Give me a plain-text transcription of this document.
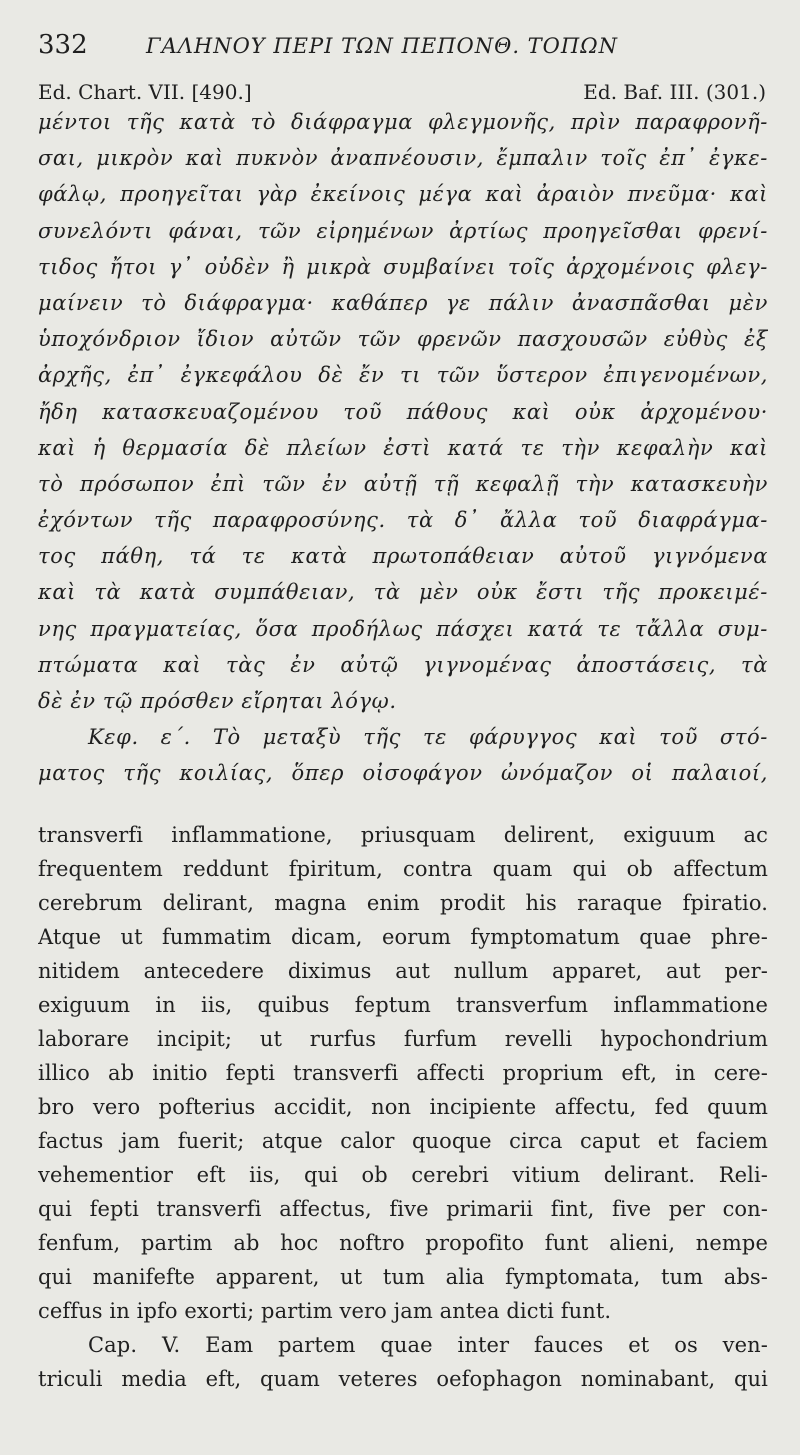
332	ΓΑΛΗΝΟΥ ΠΕΡΙ ΤΩΝ ΠΕΠΟΝΘ. ΤΟΠΩΝ
Ed. Chart. VII. [490.]	Ed. Baf. III. (301.)
μέντοι τῆς κατὰ τὸ διάφραγμα φλεγμονῆς, πρὶν παραφρονῆ-
σαι, μικρὸν καὶ πυκνὸν ἀναπνέουσιν, ἔμπαλιν τοῖς ἐπ᾽ ἐγκε-
φάλῳ, προηγεῖται γὰρ ἐκείνοις μέγα καὶ ἀραιὸν πνεῦμα· καὶ
συνελόντι φάναι, τῶν εἰρημένων ἀρτίως προηγεῖσθαι φρενί-
τιδος ἤτοι γ᾽ οὐδὲν ἢ μικρὰ συμβαίνει τοῖς ἀρχομένοις φλεγ-
μαίνειν τὸ διάφραγμα· καθάπερ γε πάλιν ἀνασπᾶσθαι μὲν
ὑποχόνδριον ἴδιον αὐτῶν τῶν φρενῶν πασχουσῶν εὐθὺς ἐξ
ἀρχῆς, ἐπ᾽ ἐγκεφάλου δὲ ἔν τι τῶν ὕστερον ἐπιγενομένων,
ἤδη κατασκευαζομένου τοῦ πάθους καὶ οὐκ ἀρχομένου·
καὶ ἡ θερμασία δὲ πλείων ἐστὶ κατά τε τὴν κεφαλὴν καὶ
τὸ πρόσωπον ἐπὶ τῶν ἐν αὐτῇ τῇ κεφαλῇ τὴν κατασκευὴν
ἐχόντων τῆς παραφροσύνης. τὰ δ᾽ ἄλλα τοῦ διαφράγμα-
τος πάθη, τά τε κατὰ πρωτοπάθειαν αὐτοῦ γιγνόμενα
καὶ τὰ κατὰ συμπάθειαν, τὰ μὲν οὐκ ἔστι τῆς προκειμέ-
νης πραγματείας, ὅσα προδήλως πάσχει κατά τε τἄλλα συμ-
πτώματα καὶ τὰς ἐν αὐτῷ γιγνομένας ἀποστάσεις, τὰ
δὲ ἐν τῷ πρόσθεν εἴρηται λόγῳ.
Κεφ. ε΄. Τὸ μεταξὺ τῆς τε φάρυγγος καὶ τοῦ στό-
ματος τῆς κοιλίας, ὅπερ οἰσοφάγον ὠνόμαζον οἱ παλαιοί,
transverfi inflammatione, priusquam delirent, exiguum ac
frequentem reddunt fpiritum, contra quam qui ob affectum
cerebrum delirant, magna enim prodit his raraque fpiratio.
Atque ut fummatim dicam, eorum fymptomatum quae phre-
nitidem antecedere diximus aut nullum apparet, aut per-
exiguum in iis, quibus feptum transverfum inflammatione
laborare incipit; ut rurfus furfum revelli hypochondrium
illico ab initio fepti transverfi affecti proprium eft, in cere-
bro vero pofterius accidit, non incipiente affectu, fed quum
factus jam fuerit; atque calor quoque circa caput et faciem
vehementior eft iis, qui ob cerebri vitium delirant. Reli-
qui fepti transverfi affectus, five primarii fint, five per con-
fenfum, partim ab hoc noftro propofito funt alieni, nempe
qui manifefte apparent, ut tum alia fymptomata, tum abs-
ceffus in ipfo exorti; partim vero jam antea dicti funt.
Cap. V. Eam partem quae inter fauces et os ven-
triculi media eft, quam veteres oefophagon nominabant, qui
